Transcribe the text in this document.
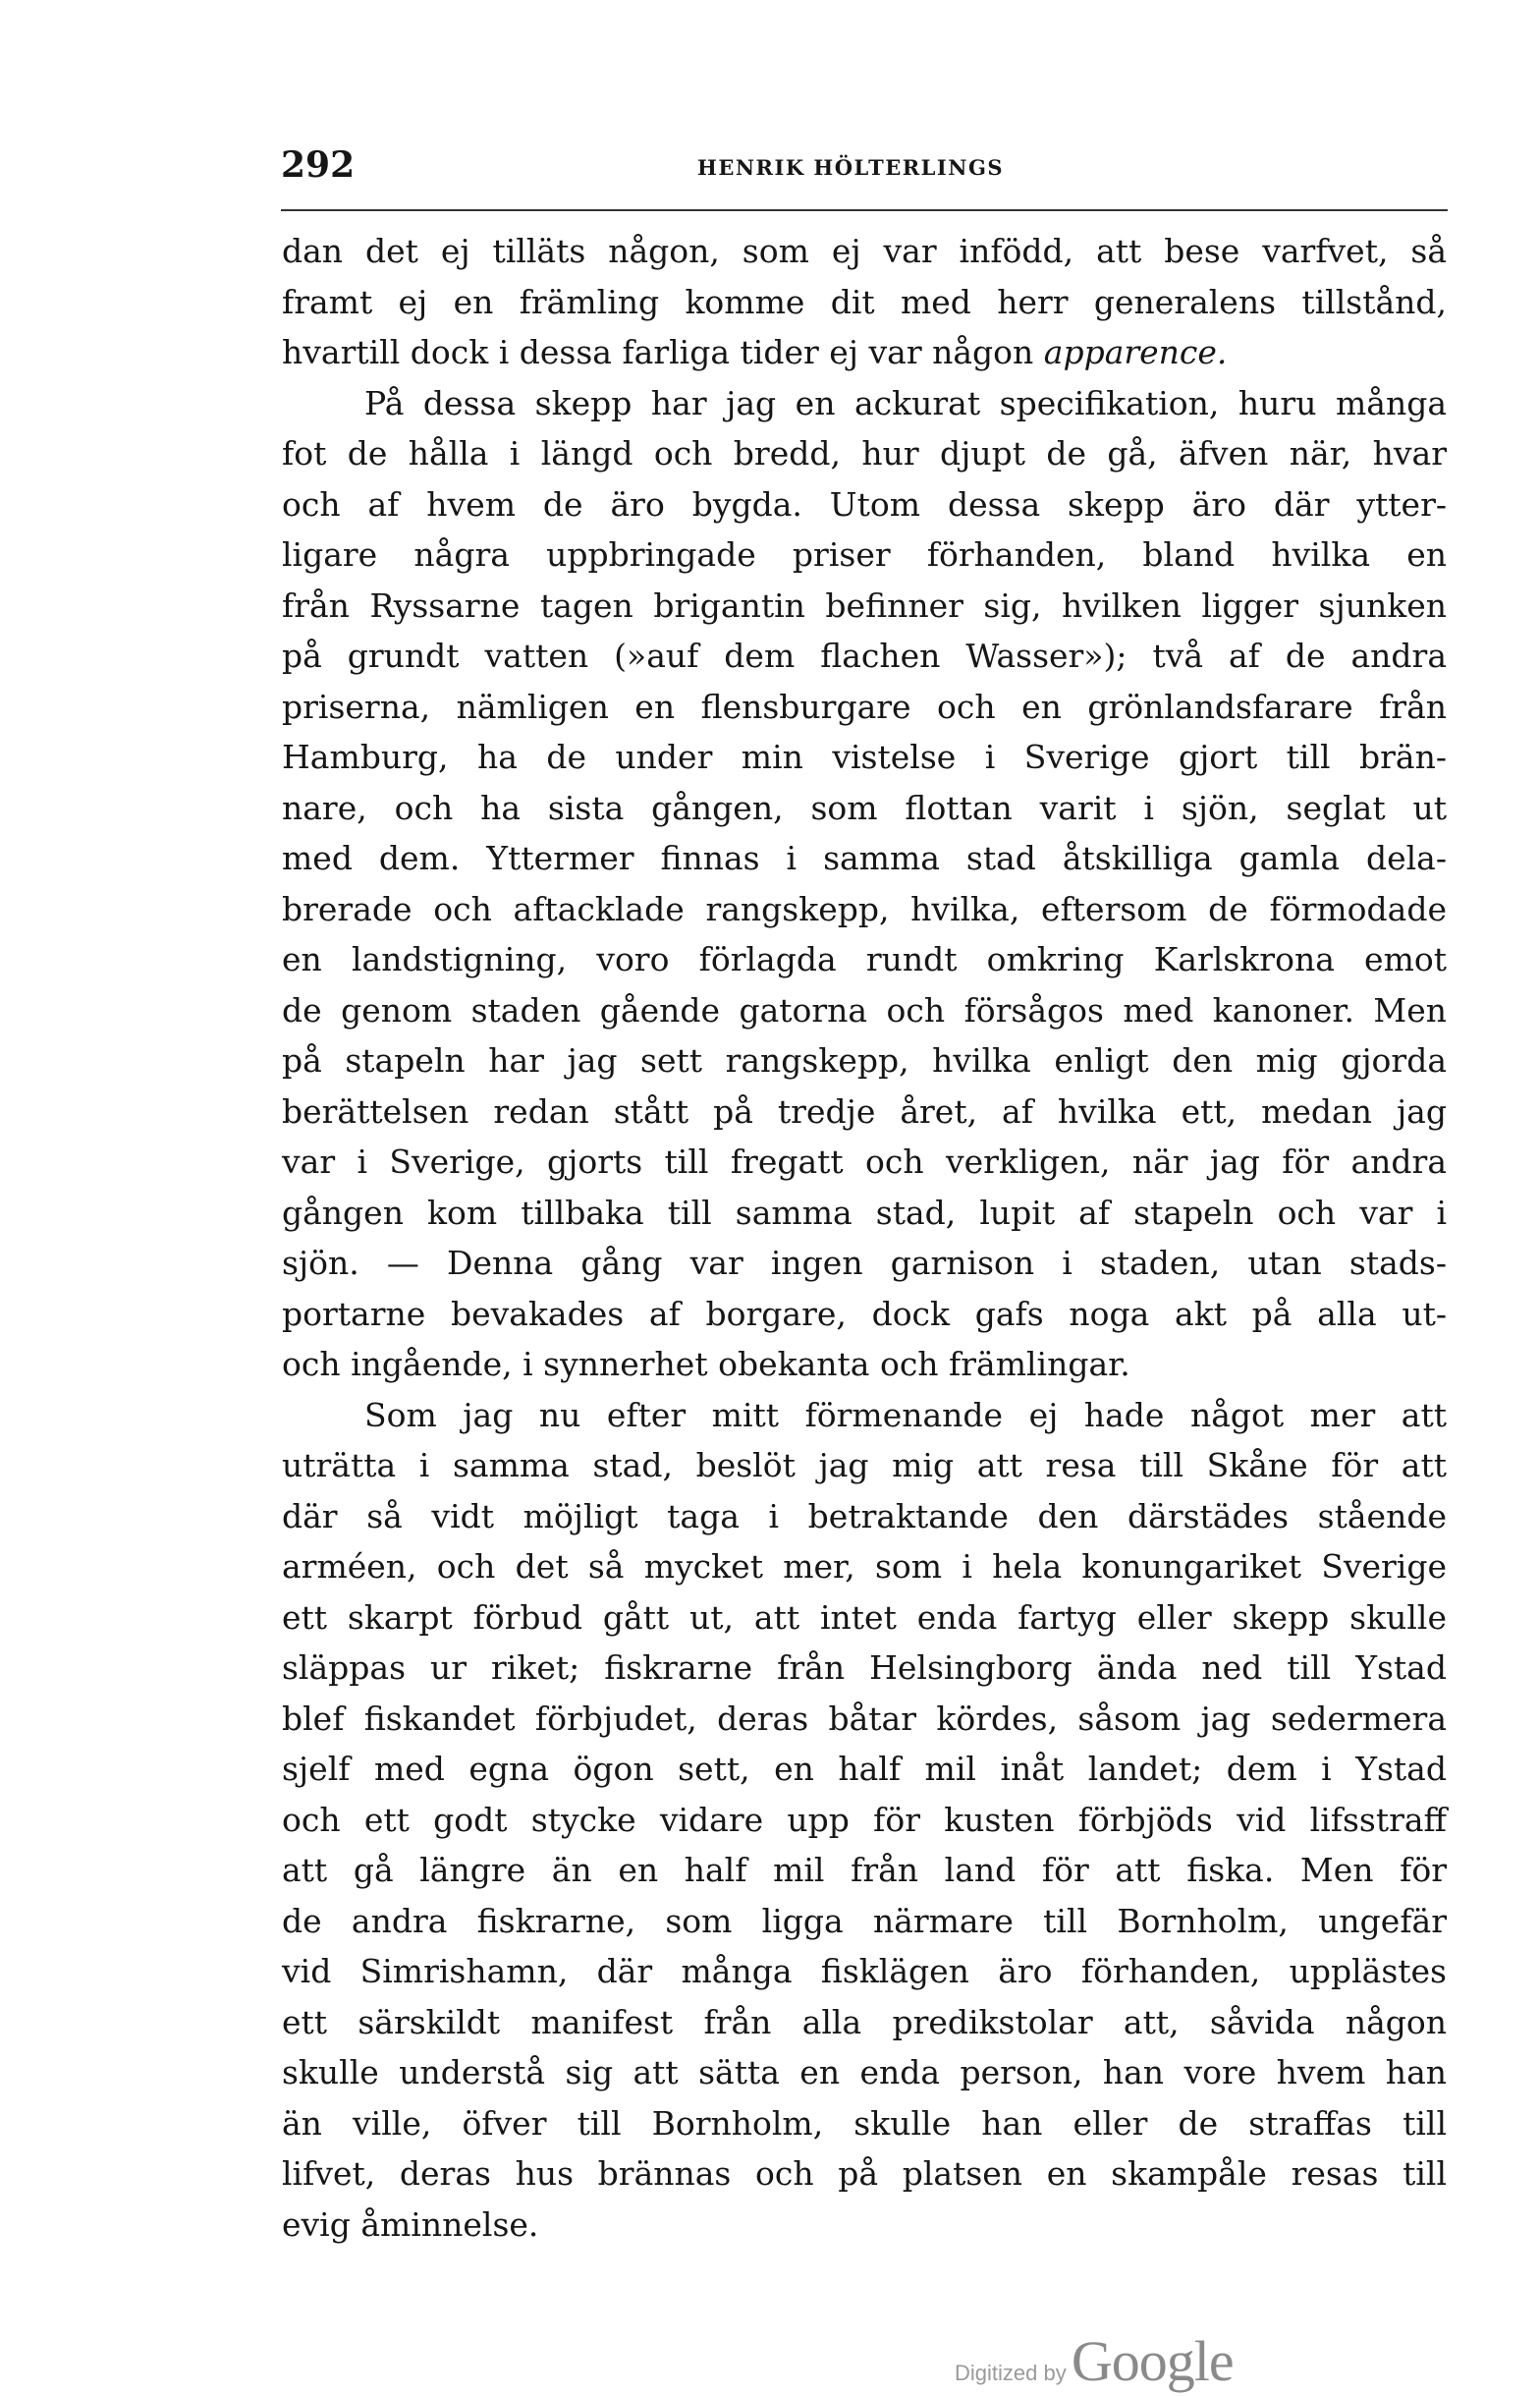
292	HENRIK HÖLTERLINGS
dan det ej tilläts någon, som ej var infödd, att bese varfvet, så
framt ej en främling komme dit med herr generalens tillstånd,
hvartill dock i dessa farliga tider ej var någon apparence.
På dessa skepp har jag en ackurat specifikation, huru många
fot de hålla i längd och bredd, hur djupt de gå, äfven när, hvar
och af hvem de äro bygda. Utom dessa skepp äro där ytter-
ligare några uppbringade priser förhanden, bland hvilka en
från Ryssarne tagen brigantin befinner sig, hvilken ligger sjunken
på grundt vatten (»auf dem flachen Wasser»); två af de andra
priserna, nämligen en flensburgare och en grönlandsfarare från
Hamburg, ha de under min vistelse i Sverige gjort till brän-
nare, och ha sista gången, som flottan varit i sjön, seglat ut
med dem. Yttermer finnas i samma stad åtskilliga gamla dela-
brerade och aftacklade rangskepp, hvilka, eftersom de förmodade
en landstigning, voro förlagda rundt omkring Karlskrona emot
de genom staden gående gatorna och försågos med kanoner. Men
på stapeln har jag sett rangskepp, hvilka enligt den mig gjorda
berättelsen redan stått på tredje året, af hvilka ett, medan jag
var i Sverige, gjorts till fregatt och verkligen, när jag för andra
gången kom tillbaka till samma stad, lupit af stapeln och var i
sjön. — Denna gång var ingen garnison i staden, utan stads-
portarne bevakades af borgare, dock gafs noga akt på alla ut-
och ingående, i synnerhet obekanta och främlingar.
Som jag nu efter mitt förmenande ej hade något mer att
uträtta i samma stad, beslöt jag mig att resa till Skåne för att
där så vidt möjligt taga i betraktande den därstädes stående
arméen, och det så mycket mer, som i hela konungariket Sverige
ett skarpt förbud gått ut, att intet enda fartyg eller skepp skulle
släppas ur riket; fiskrarne från Helsingborg ända ned till Ystad
blef fiskandet förbjudet, deras båtar kördes, såsom jag sedermera
sjelf med egna ögon sett, en half mil inåt landet; dem i Ystad
och ett godt stycke vidare upp för kusten förbjöds vid lifsstraff
att gå längre än en half mil från land för att fiska. Men för
de andra fiskrarne, som ligga närmare till Bornholm, ungefär
vid Simrishamn, där många fisklägen äro förhanden, upplästes
ett särskildt manifest från alla predikstolar att, såvida någon
skulle understå sig att sätta en enda person, han vore hvem han
än ville, öfver till Bornholm, skulle han eller de straffas till
lifvet, deras hus brännas och på platsen en skampåle resas till
evig åminnelse.
Digitized by Google
